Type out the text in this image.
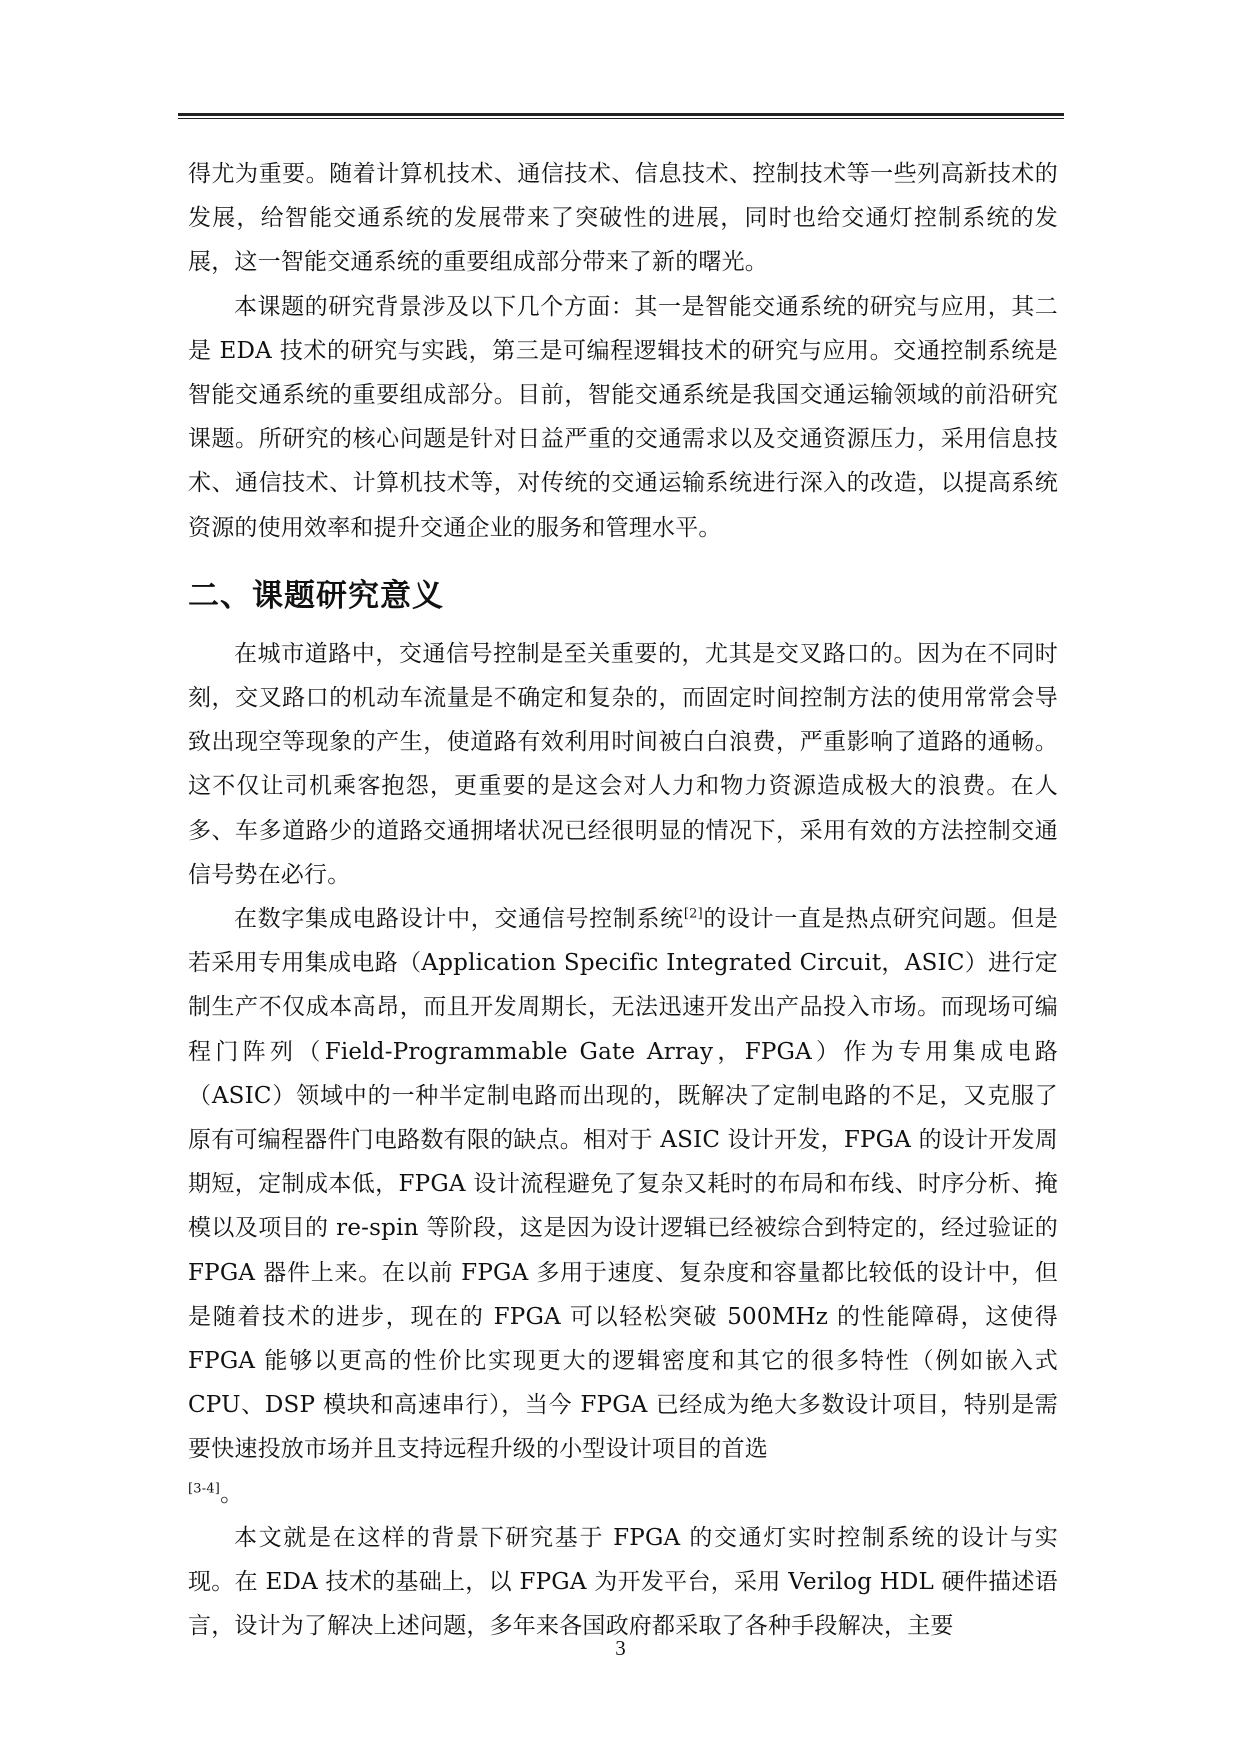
得尤为重要。随着计算机技术、通信技术、信息技术、控制技术等一些列高新技术的发展，给智能交通系统的发展带来了突破性的进展，同时也给交通灯控制系统的发展，这一智能交通系统的重要组成部分带来了新的曙光。

本课题的研究背景涉及以下几个方面：其一是智能交通系统的研究与应用，其二是 EDA 技术的研究与实践，第三是可编程逻辑技术的研究与应用。交通控制系统是智能交通系统的重要组成部分。目前，智能交通系统是我国交通运输领域的前沿研究课题。所研究的核心问题是针对日益严重的交通需求以及交通资源压力，采用信息技术、通信技术、计算机技术等，对传统的交通运输系统进行深入的改造，以提高系统资源的使用效率和提升交通企业的服务和管理水平。

二、课题研究意义

在城市道路中，交通信号控制是至关重要的，尤其是交叉路口的。因为在不同时刻，交叉路口的机动车流量是不确定和复杂的，而固定时间控制方法的使用常常会导致出现空等现象的产生，使道路有效利用时间被白白浪费，严重影响了道路的通畅。这不仅让司机乘客抱怨，更重要的是这会对人力和物力资源造成极大的浪费。在人多、车多道路少的道路交通拥堵状况已经很明显的情况下，采用有效的方法控制交通信号势在必行。

在数字集成电路设计中，交通信号控制系统[2]的设计一直是热点研究问题。但是若采用专用集成电路（Application Specific Integrated Circuit，ASIC）进行定制生产不仅成本高昂，而且开发周期长，无法迅速开发出产品投入市场。而现场可编程门阵列（Field-Programmable Gate Array，FPGA）作为专用集成电路（ASIC）领域中的一种半定制电路而出现的，既解决了定制电路的不足，又克服了原有可编程器件门电路数有限的缺点。相对于 ASIC 设计开发，FPGA 的设计开发周期短，定制成本低，FPGA 设计流程避免了复杂又耗时的布局和布线、时序分析、掩模以及项目的 re-spin 等阶段，这是因为设计逻辑已经被综合到特定的，经过验证的 FPGA 器件上来。在以前 FPGA 多用于速度、复杂度和容量都比较低的设计中，但是随着技术的进步，现在的 FPGA 可以轻松突破 500MHz 的性能障碍，这使得 FPGA 能够以更高的性价比实现更大的逻辑密度和其它的很多特性（例如嵌入式 CPU、DSP 模块和高速串行），当今 FPGA 已经成为绝大多数设计项目，特别是需要快速投放市场并且支持远程升级的小型设计项目的首选
[3-4]。

本文就是在这样的背景下研究基于 FPGA 的交通灯实时控制系统的设计与实现。在 EDA 技术的基础上，以 FPGA 为开发平台，采用 Verilog HDL 硬件描述语言，设计为了解决上述问题，多年来各国政府都采取了各种手段解决，主要

3
